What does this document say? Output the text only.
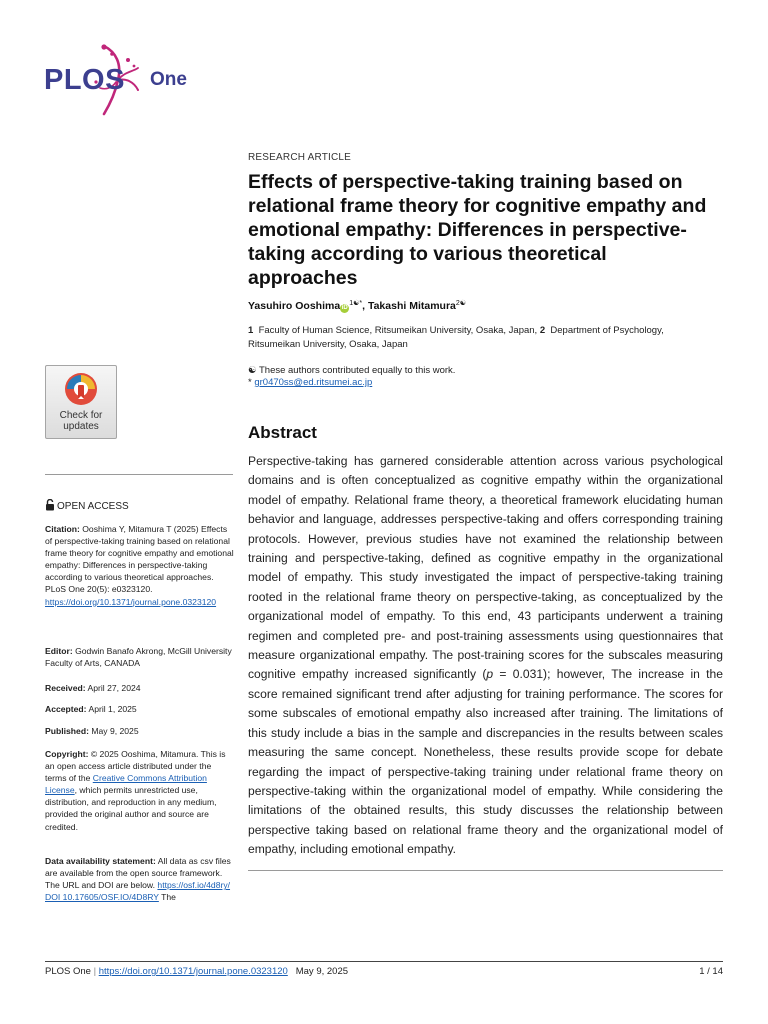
PLOS One
RESEARCH ARTICLE
Effects of perspective-taking training based on relational frame theory for cognitive empathy and emotional empathy: Differences in perspective-taking according to various theoretical approaches
Yasuhiro Ooshima $iD^{1☯*}$, Takashi Mitamura$^{2☯}$
1 Faculty of Human Science, Ritsumeikan University, Osaka, Japan, 2 Department of Psychology, Ritsumeikan University, Osaka, Japan
☯ These authors contributed equally to this work.
* gr0470ss@ed.ritsumei.ac.jp
Abstract

Perspective-taking has garnered considerable attention across various psychological domains and is often conceptualized as cognitive empathy within the organizational model of empathy. Relational frame theory, a theoretical framework elucidating human behavior and language, addresses perspective-taking and offers corresponding training protocols. However, previous studies have not examined the relationship between training and perspective-taking, defined as cognitive empathy in the organizational model of empathy. This study investigated the impact of perspective-taking training rooted in the relational frame theory on perspective-taking, as conceptualized by the organizational model of empathy. To this end, 43 participants underwent a training regimen and completed pre- and post-training assessments using questionnaires that measure organizational empathy. The post-training scores for the subscales measuring cognitive empathy increased significantly (p = 0.031); however, The increase in the score remained significant trend after adjusting for training performance. The scores for some subscales of emotional empathy also increased after training. The limitations of this study include a bias in the sample and discrepancies in the results between scales measuring the same concept. Nonetheless, these results provide scope for debate regarding the impact of perspective-taking training under relational frame theory on perspective-taking within the organizational model of empathy. While considering the limitations of the obtained results, this study discusses the relationship between perspective taking based on relational frame theory and the organizational model of empathy, including emotional empathy.

Check for
updates
OPEN ACCESS
Citation: Ooshima Y, Mitamura T (2025) Effects of perspective-taking training based on relational frame theory for cognitive empathy and emotional empathy: Differences in perspective-taking according to various theoretical approaches. PLoS One 20(5): e0323120. https://doi.org/10.1371/journal.pone.0323120
Editor: Godwin Banafo Akrong, McGill University Faculty of Arts, CANADA
Received: April 27, 2024
Accepted: April 1, 2025
Published: May 9, 2025
Copyright: © 2025 Ooshima, Mitamura. This is an open access article distributed under the terms of the Creative Commons Attribution License, which permits unrestricted use, distribution, and reproduction in any medium, provided the original author and source are credited.
Data availability statement: All data as csv files are available from the open source framework. The URL and DOI are below. https://osf.io/4d8ry/ DOI 10.17605/OSF.IO/4D8RY The
PLOS One | https://doi.org/10.1371/journal.pone.0323120 May 9, 2025	1 / 14
